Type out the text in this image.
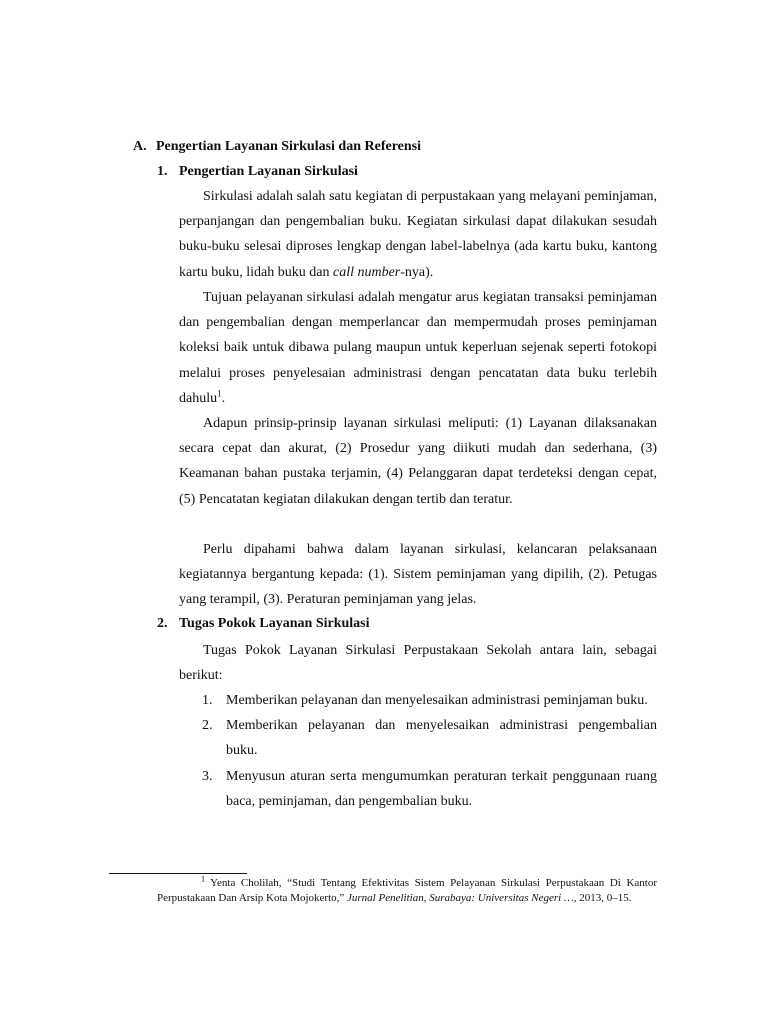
A. Pengertian Layanan Sirkulasi dan Referensi
1. Pengertian Layanan Sirkulasi

Sirkulasi adalah salah satu kegiatan di perpustakaan yang melayani peminjaman, perpanjangan dan pengembalian buku. Kegiatan sirkulasi dapat dilakukan sesudah buku-buku selesai diproses lengkap dengan label-labelnya (ada kartu buku, kantong kartu buku, lidah buku dan call number-nya).

Tujuan pelayanan sirkulasi adalah mengatur arus kegiatan transaksi peminjaman dan pengembalian dengan memperlancar dan mempermudah proses peminjaman koleksi baik untuk dibawa pulang maupun untuk keperluan sejenak seperti fotokopi melalui proses penyelesaian administrasi dengan pencatatan data buku terlebih dahulu$^1$.

Adapun prinsip-prinsip layanan sirkulasi meliputi: (1) Layanan dilaksanakan secara cepat dan akurat, (2) Prosedur yang diikuti mudah dan sederhana, (3) Keamanan bahan pustaka terjamin, (4) Pelanggaran dapat terdeteksi dengan cepat, (5) Pencatatan kegiatan dilakukan dengan tertib dan teratur.

Perlu dipahami bahwa dalam layanan sirkulasi, kelancaran pelaksanaan kegiatannya bergantung kepada: (1). Sistem peminjaman yang dipilih, (2). Petugas yang terampil, (3). Peraturan peminjaman yang jelas.

2. Tugas Pokok Layanan Sirkulasi

Tugas Pokok Layanan Sirkulasi Perpustakaan Sekolah antara lain, sebagai berikut:

1. Memberikan pelayanan dan menyelesaikan administrasi peminjaman buku.
2. Memberikan pelayanan dan menyelesaikan administrasi pengembalian buku.
3. Menyusun aturan serta mengumumkan peraturan terkait penggunaan ruang baca, peminjaman, dan pengembalian buku.

$^1$ Yenta Cholilah, “Studi Tentang Efektivitas Sistem Pelayanan Sirkulasi Perpustakaan Di Kantor Perpustakaan Dan Arsip Kota Mojokerto,” Jurnal Penelitian, Surabaya: Universitas Negeri …, 2013, 0–15.
